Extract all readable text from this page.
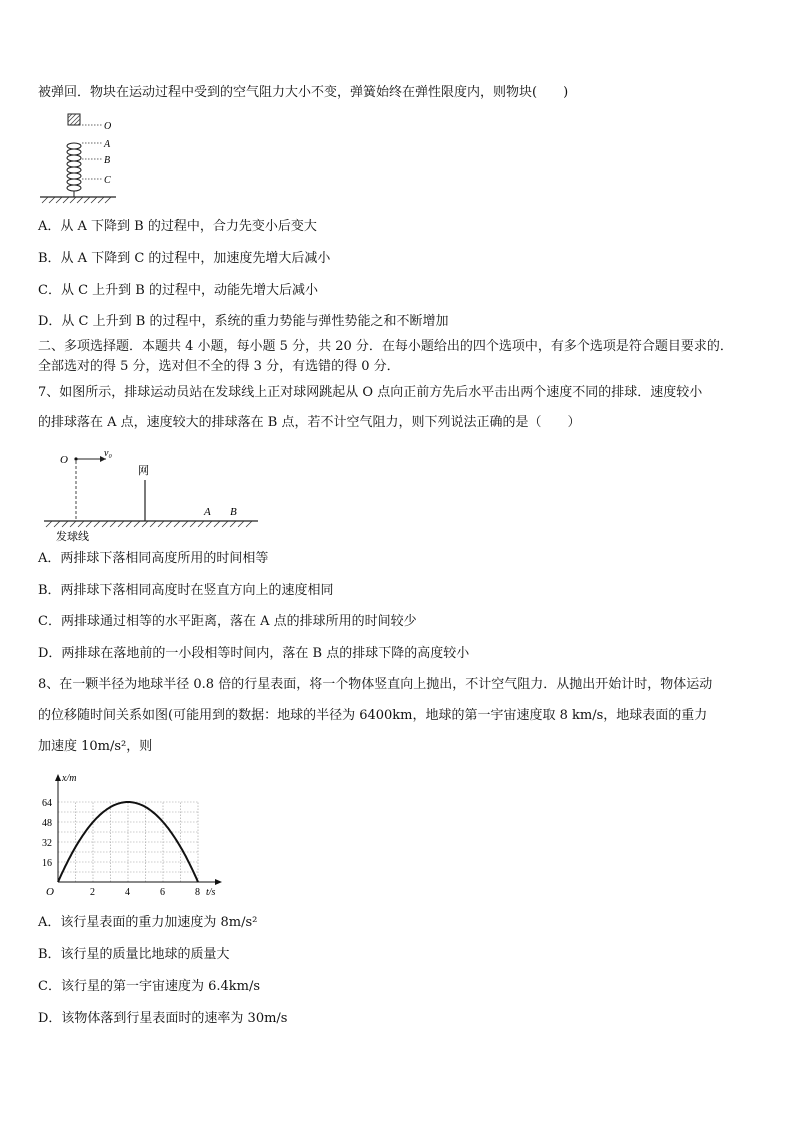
被弹回．物块在运动过程中受到的空气阻力大小不变，弹簧始终在弹性限度内，则物块(　　)
O
A
B
C
A．从 A 下降到 B 的过程中，合力先变小后变大
B．从 A 下降到 C 的过程中，加速度先增大后减小
C．从 C 上升到 B 的过程中，动能先增大后减小
D．从 C 上升到 B 的过程中，系统的重力势能与弹性势能之和不断增加
二、多项选择题．本题共 4 小题，每小题 5 分，共 20 分．在每小题给出的四个选项中，有多个选项是符合题目要求的．
全部选对的得 5 分，选对但不全的得 3 分，有选错的得 0 分．
7、如图所示，排球运动员站在发球线上正对球网跳起从 O 点向正前方先后水平击出两个速度不同的排球．速度较小
的排球落在 A 点，速度较大的排球落在 B 点，若不计空气阻力，则下列说法正确的是（　　）
O
v₀
网
A B
发球线
A．两排球下落相同高度所用的时间相等
B．两排球下落相同高度时在竖直方向上的速度相同
C．两排球通过相等的水平距离，落在 A 点的排球所用的时间较少
D．两排球在落地前的一小段相等时间内，落在 B 点的排球下降的高度较小
8、在一颗半径为地球半径 0.8 倍的行星表面，将一个物体竖直向上抛出，不计空气阻力．从抛出开始计时，物体运动
的位移随时间关系如图(可能用到的数据：地球的半径为 6400km，地球的第一宇宙速度取 8 km/s，地球表面的重力
加速度 10m/s²，则
2	4	6	8
16
32
48
64
x/m
t/s
O
A．该行星表面的重力加速度为 8m/s²
B．该行星的质量比地球的质量大
C．该行星的第一宇宙速度为 6.4km/s
D．该物体落到行星表面时的速率为 30m/s
